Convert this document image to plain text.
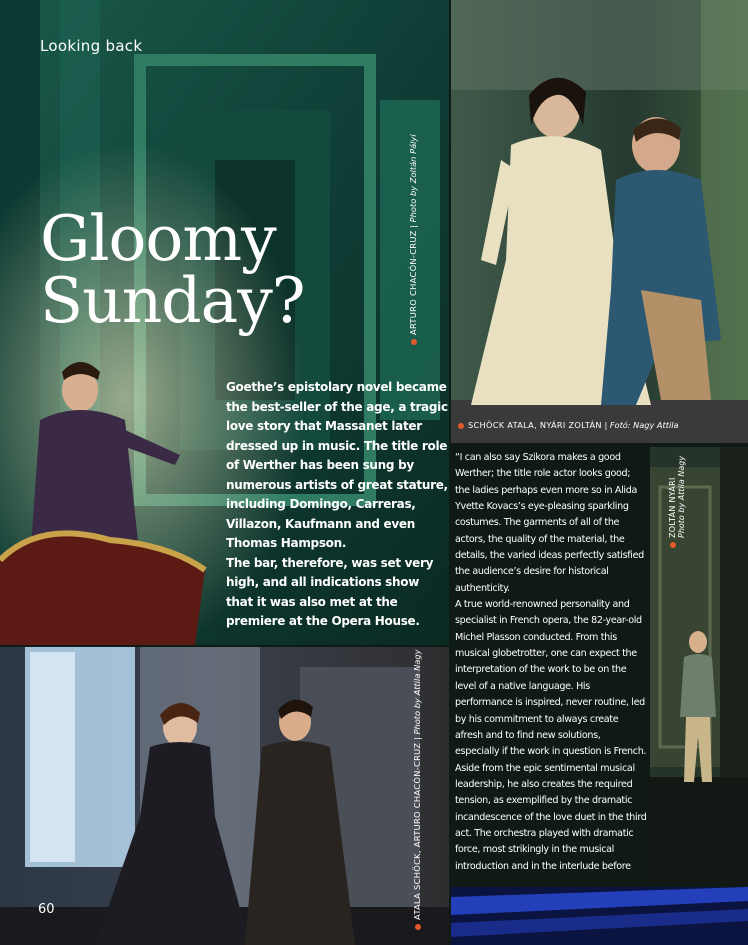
Looking back
Gloomy
Sunday?

Goethe’s epistolary novel became the best-seller of the age, a tragic love story that Massanet later dressed up in music. The title role of Werther has been sung by numerous artists of great stature, including Domingo, Carreras, Villazon, Kaufmann and even Thomas Hampson.

The bar, therefore, was set very high, and all indications show that it was also met at the premiere at the Opera House.

“I can also say Szikora makes a good Werther; the title role actor looks good; the ladies perhaps even more so in Alida Yvette Kovacs’s eye-pleasing sparkling costumes. The garments of all of the actors, the quality of the material, the details, the varied ideas perfectly satisfied the audience’s desire for historical authenticity.

A true world-renowned personality and specialist in French opera, the 82-year-old Michel Plasson conducted. From this musical globetrotter, one can expect the interpretation of the work to be on the level of a native language. His performance is inspired, never routine, led by his commitment to always create afresh and to find new solutions, especially if the work in question is French. Aside from the epic sentimental musical leadership, he also creates the required tension, as exemplified by the dramatic incandescence of the love duet in the third act. The orchestra played with dramatic force, most strikingly in the musical introduction and in the interlude before

ARTURO CHACÓN-CRUZ | Photo by Zoltán Pályi
SCHÖCK ATALA, NYÁRI ZOLTÁN | Fotó: Nagy Attila
ZOLTÁN NYÁRI
Photo by Attila Nagy
ATALA SCHÖCK, ARTURO CHACÓN-CRUZ | Photo by Attila Nagy
60
